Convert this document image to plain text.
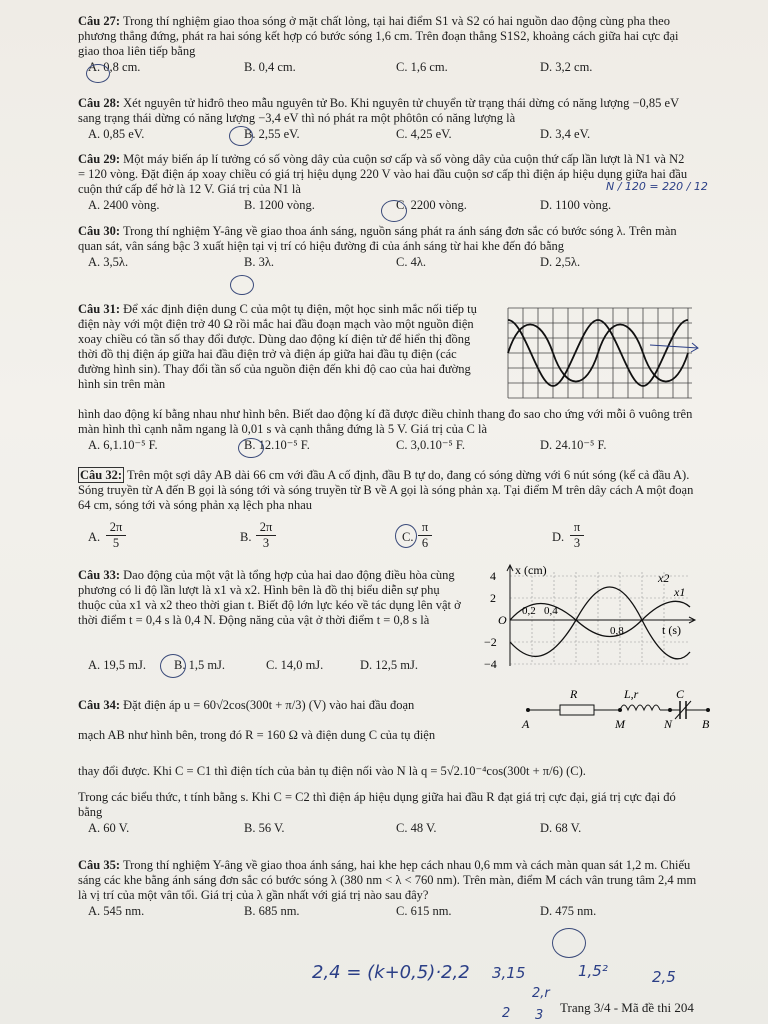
Câu 27: Trong thí nghiệm giao thoa sóng ở mặt chất lỏng, tại hai điểm S1 và S2 có hai nguồn dao động cùng pha theo phương thẳng đứng, phát ra hai sóng kết hợp có bước sóng 1,6 cm. Trên đoạn thẳng S1S2, khoảng cách giữa hai cực đại giao thoa liên tiếp bằng

A. 0,8 cm.	B. 0,4 cm.	C. 1,6 cm.	D. 3,2 cm.

Câu 28: Xét nguyên tử hiđrô theo mẫu nguyên tử Bo. Khi nguyên tử chuyển từ trạng thái dừng có năng lượng −0,85 eV sang trạng thái dừng có năng lượng −3,4 eV thì nó phát ra một phôtôn có năng lượng là

A. 0,85 eV.	B. 2,55 eV.	C. 4,25 eV.	D. 3,4 eV.

Câu 29: Một máy biến áp lí tưởng có số vòng dây của cuộn sơ cấp và số vòng dây của cuộn thứ cấp lần lượt là N1 và N2 = 120 vòng. Đặt điện áp xoay chiều có giá trị hiệu dụng 220 V vào hai đầu cuộn sơ cấp thì điện áp hiệu dụng giữa hai đầu cuộn thứ cấp để hở là 12 V. Giá trị của N1 là

A. 2400 vòng.	B. 1200 vòng.	C. 2200 vòng.	D. 1100 vòng.
N / 120 = 220 / 12

Câu 30: Trong thí nghiệm Y-âng về giao thoa ánh sáng, nguồn sáng phát ra ánh sáng đơn sắc có bước sóng λ. Trên màn quan sát, vân sáng bậc 3 xuất hiện tại vị trí có hiệu đường đi của ánh sáng từ hai khe đến đó bằng

A. 3,5λ.	B. 3λ.	C. 4λ.	D. 2,5λ.

Câu 31: Để xác định điện dung C của một tụ điện, một học sinh mắc nối tiếp tụ điện này với một điện trở 40 Ω rồi mắc hai đầu đoạn mạch vào một nguồn điện xoay chiều có tần số thay đổi được. Dùng dao động kí điện tử để hiển thị đồng thời đồ thị điện áp giữa hai đầu điện trở và điện áp giữa hai đầu tụ điện (các đường hình sin). Thay đổi tần số của nguồn điện đến khi độ cao của hai đường hình sin trên màn

hình dao động kí bằng nhau như hình bên. Biết dao động kí đã được điều chỉnh thang đo sao cho ứng với mỗi ô vuông trên màn hình thì cạnh nằm ngang là 0,01 s và cạnh thẳng đứng là 5 V. Giá trị của C là

A. 6,1.10⁻⁵ F.	B. 12.10⁻⁵ F.	C. 3,0.10⁻⁵ F.	D. 24.10⁻⁵ F.

Câu 32: Trên một sợi dây AB dài 66 cm với đầu A cố định, đầu B tự do, đang có sóng dừng với 6 nút sóng (kể cả đầu A). Sóng truyền từ A đến B gọi là sóng tới và sóng truyền từ B về A gọi là sóng phản xạ. Tại điểm M trên dây cách A một đoạn 64 cm, sóng tới và sóng phản xạ lệch pha nhau

A. $\frac{2\pi}{5}$	B. $\frac{2\pi}{3}$	C. $\frac{\pi}{6}$	D. $\frac{\pi}{3}$

Câu 33: Dao động của một vật là tổng hợp của hai dao động điều hòa cùng phương có li độ lần lượt là x1 và x2. Hình bên là đồ thị biểu diễn sự phụ thuộc của x1 và x2 theo thời gian t. Biết độ lớn lực kéo về tác dụng lên vật ở thời điểm t = 0,4 s là 0,4 N. Động năng của vật ở thời điểm t = 0,8 s là

A. 19,5 mJ. B. 1,5 mJ.	C. 14,0 mJ.	D. 12,5 mJ.
x (cm)
4
2
O
−2
−4
0,2 0,4
0,8	t (s)
x2
x1

Câu 34: Đặt điện áp u = 60√2cos(300t + π/3) (V) vào hai đầu đoạn

mạch AB như hình bên, trong đó R = 160 Ω và điện dung C của tụ điện

thay đổi được. Khi C = C1 thì điện tích của bản tụ điện nối vào N là q = 5√2.10⁻⁴cos(300t + π/6) (C).

Trong các biểu thức, t tính bằng s. Khi C = C2 thì điện áp hiệu dụng giữa hai đầu R đạt giá trị cực đại, giá trị cực đại đó bằng

A. 60 V.	B. 56 V.	C. 48 V.	D. 68 V.
R	L,r	C
A	M	N B

Câu 35: Trong thí nghiệm Y-âng về giao thoa ánh sáng, hai khe hẹp cách nhau 0,6 mm và cách màn quan sát 1,2 m. Chiếu sáng các khe bằng ánh sáng đơn sắc có bước sóng λ (380 nm < λ < 760 nm). Trên màn, điểm M cách vân trung tâm 2,4 mm là vị trí của một vân tối. Giá trị của λ gần nhất với giá trị nào sau đây?

A. 545 nm.	B. 685 nm.	C. 615 nm.	D. 475 nm.
2,4 = (k+0,5)·2,2 3,15	1,5²	2,5
2,r
2 3
Trang 3/4 - Mã đề thi 204
